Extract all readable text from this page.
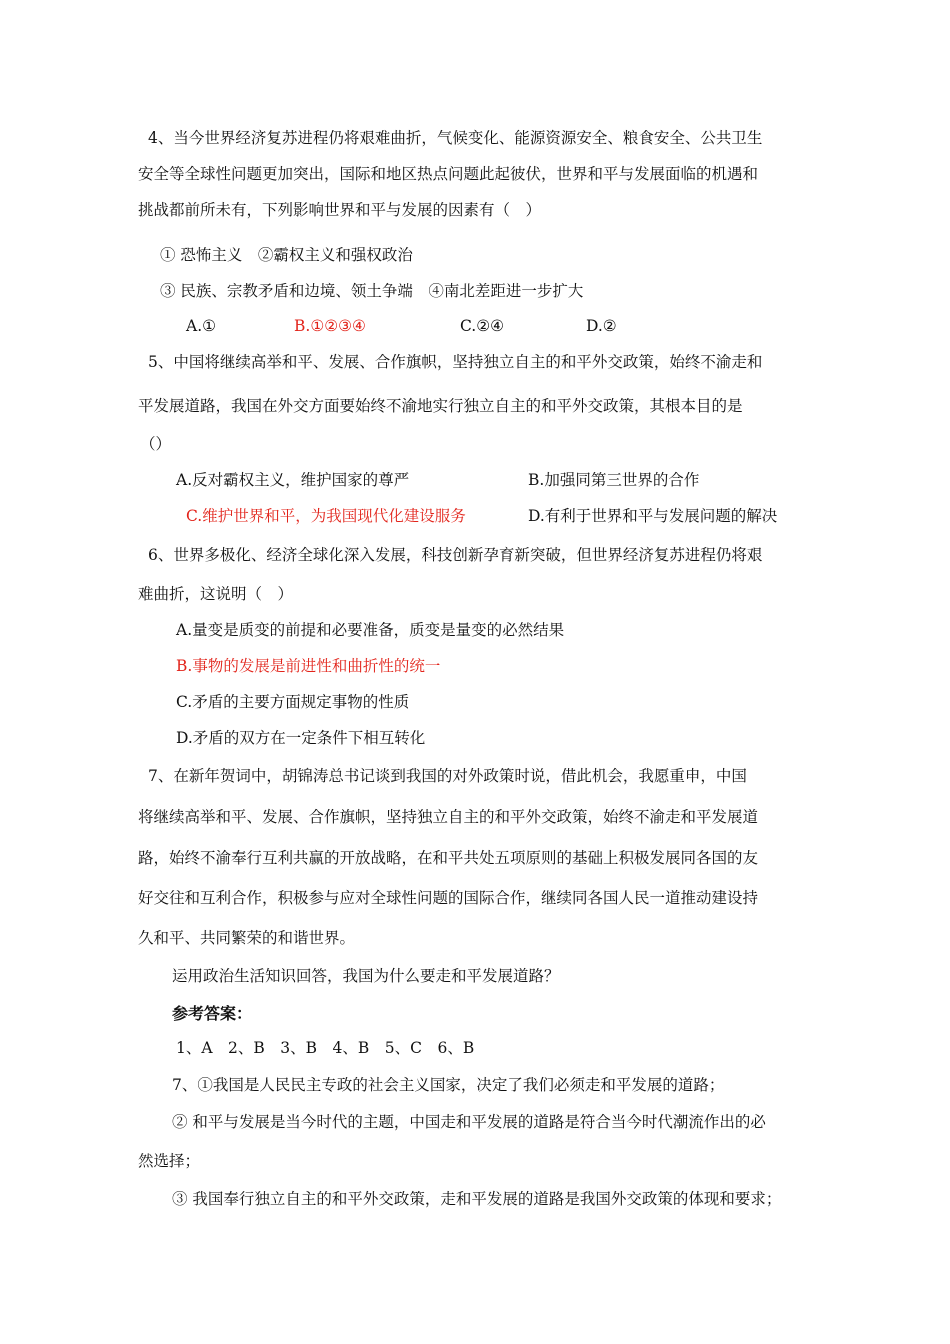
4、当今世界经济复苏进程仍将艰难曲折，气候变化、能源资源安全、粮食安全、公共卫生
安全等全球性问题更加突出，国际和地区热点问题此起彼伏，世界和平与发展面临的机遇和
挑战都前所未有，下列影响世界和平与发展的因素有（　）
① 恐怖主义　②霸权主义和强权政治
③ 民族、宗教矛盾和边境、领土争端　④南北差距进一步扩大
A.①	B.①②③④	C.②④	D.②
5、中国将继续高举和平、发展、合作旗帜，坚持独立自主的和平外交政策，始终不渝走和
平发展道路，我国在外交方面要始终不渝地实行独立自主的和平外交政策，其根本目的是
（）
A.反对霸权主义，维护国家的尊严	B.加强同第三世界的合作
C.维护世界和平，为我国现代化建设服务	D.有利于世界和平与发展问题的解决
6、世界多极化、经济全球化深入发展，科技创新孕育新突破，但世界经济复苏进程仍将艰
难曲折，这说明（　）
A.量变是质变的前提和必要准备，质变是量变的必然结果
B.事物的发展是前进性和曲折性的统一
C.矛盾的主要方面规定事物的性质
D.矛盾的双方在一定条件下相互转化
7、在新年贺词中，胡锦涛总书记谈到我国的对外政策时说，借此机会，我愿重申，中国
将继续高举和平、发展、合作旗帜，坚持独立自主的和平外交政策，始终不渝走和平发展道
路，始终不渝奉行互利共赢的开放战略，在和平共处五项原则的基础上积极发展同各国的友
好交往和互利合作，积极参与应对全球性问题的国际合作，继续同各国人民一道推动建设持
久和平、共同繁荣的和谐世界。
运用政治生活知识回答，我国为什么要走和平发展道路？
参考答案：
1、A　2、B　3、B　4、B　5、C　6、B
7、①我国是人民民主专政的社会主义国家，决定了我们必须走和平发展的道路；
② 和平与发展是当今时代的主题，中国走和平发展的道路是符合当今时代潮流作出的必
然选择；
③ 我国奉行独立自主的和平外交政策，走和平发展的道路是我国外交政策的体现和要求；
